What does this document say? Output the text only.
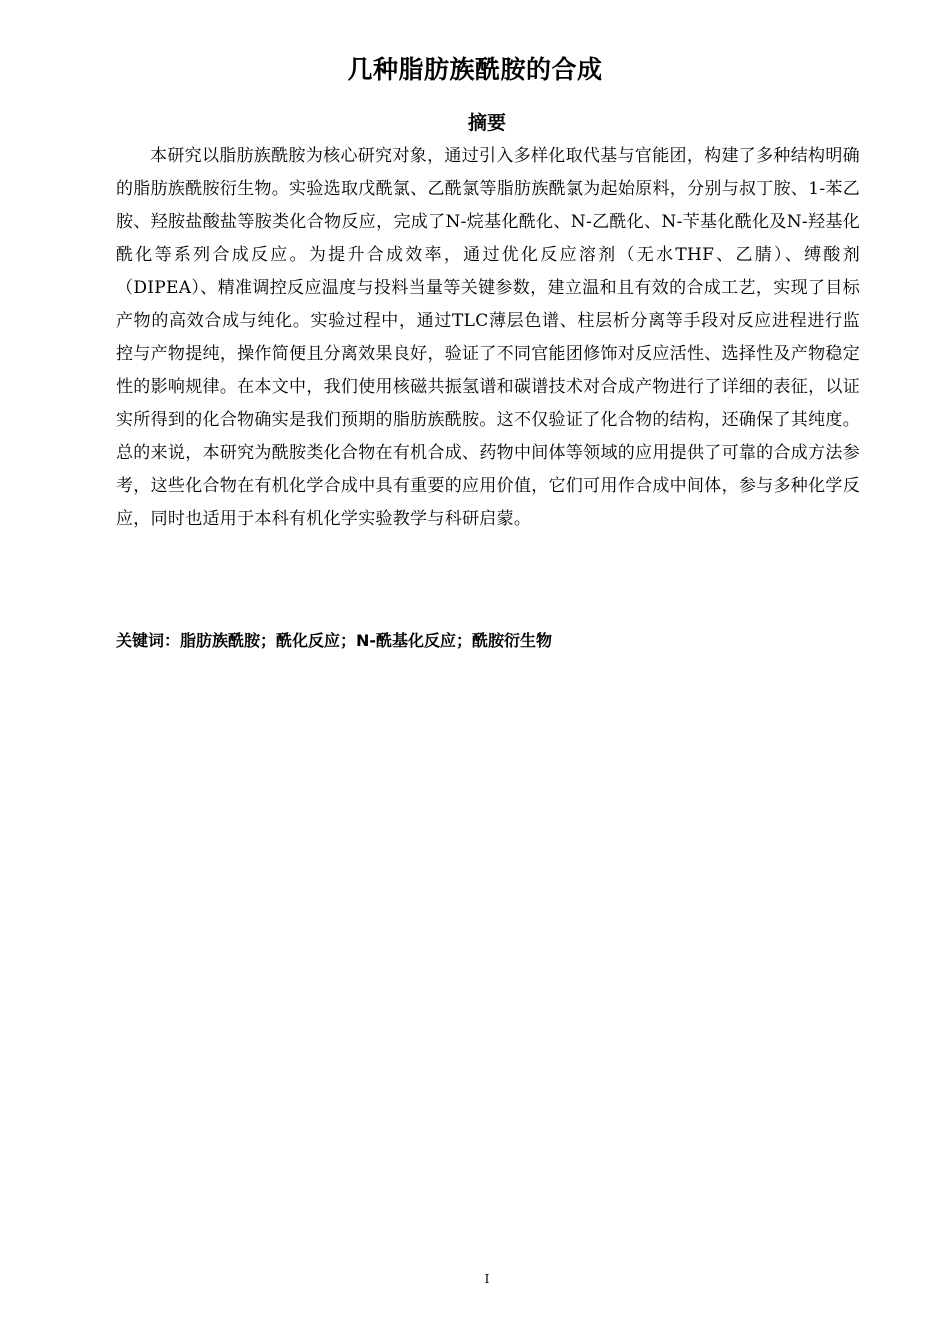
几种脂肪族酰胺的合成
摘要

本研究以脂肪族酰胺为核心研究对象，通过引入多样化取代基与官能团，构建了多种结构明确的脂肪族酰胺衍生物。实验选取戊酰氯、乙酰氯等脂肪族酰氯为起始原料，分别与叔丁胺、1-苯乙胺、羟胺盐酸盐等胺类化合物反应，完成了N-烷基化酰化、N-乙酰化、N-苄基化酰化及N-羟基化酰化等系列合成反应。为提升合成效率，通过优化反应溶剂（无水THF、乙腈）、缚酸剂（DIPEA）、精准调控反应温度与投料当量等关键参数，建立温和且有效的合成工艺，实现了目标产物的高效合成与纯化。实验过程中，通过TLC薄层色谱、柱层析分离等手段对反应进程进行监控与产物提纯，操作简便且分离效果良好，验证了不同官能团修饰对反应活性、选择性及产物稳定性的影响规律。在本文中，我们使用核磁共振氢谱和碳谱技术对合成产物进行了详细的表征，以证实所得到的化合物确实是我们预期的脂肪族酰胺。这不仅验证了化合物的结构，还确保了其纯度。总的来说，本研究为酰胺类化合物在有机合成、药物中间体等领域的应用提供了可靠的合成方法参考，这些化合物在有机化学合成中具有重要的应用价值，它们可用作合成中间体，参与多种化学反应，同时也适用于本科有机化学实验教学与科研启蒙。

关键词：脂肪族酰胺；酰化反应；N-酰基化反应；酰胺衍生物
I
